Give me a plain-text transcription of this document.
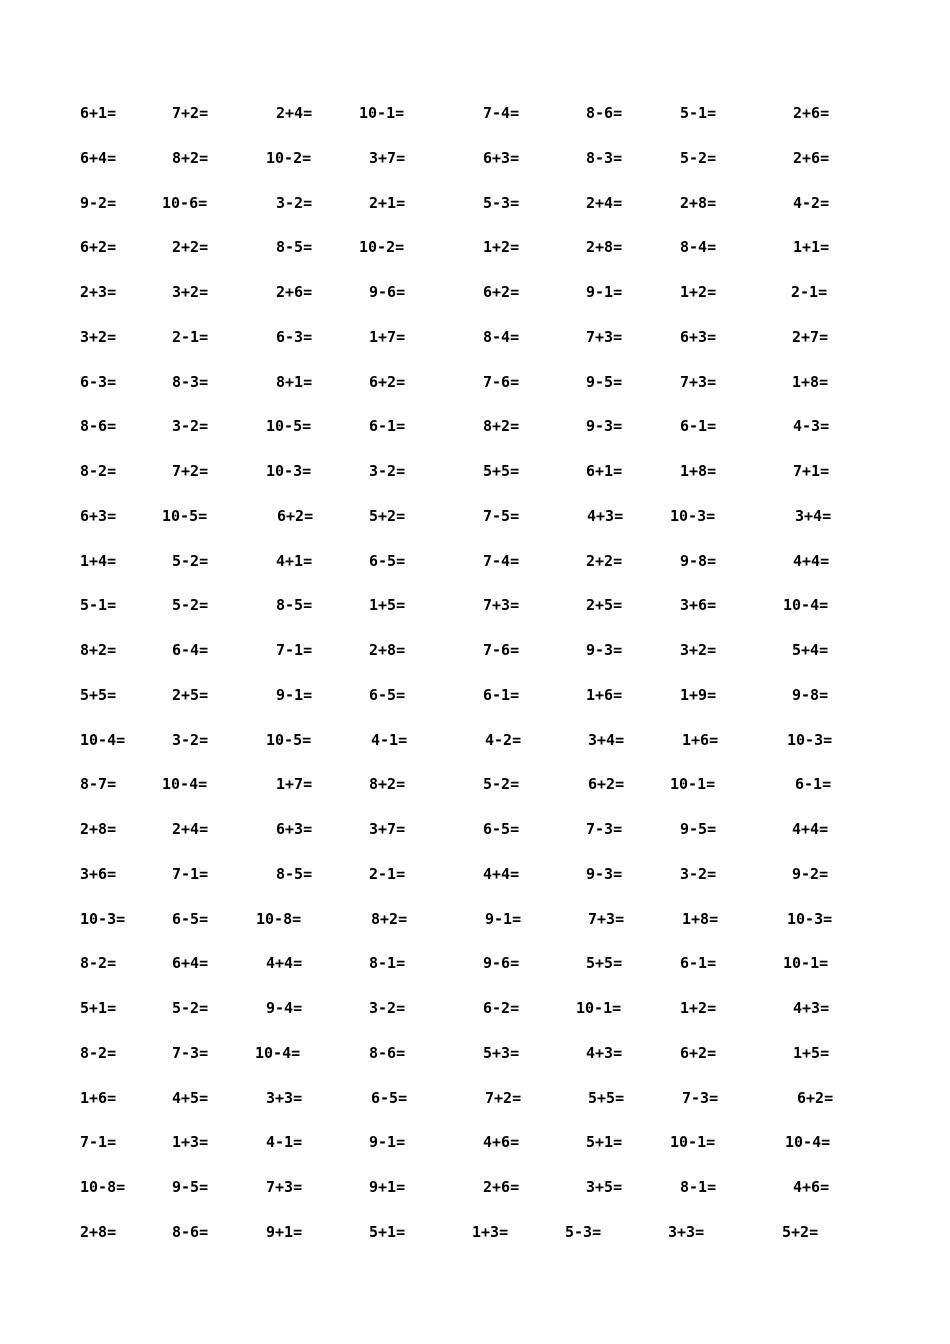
6+1=	7+2=	2+4=	10-1=	7-4=	8-6=	5-1=	2+6=
6+4=	8+2=	10-2=	3+7=	6+3=	8-3=	5-2=	2+6=
9-2=	10-6=	3-2=	2+1=	5-3=	2+4=	2+8=	4-2=
6+2=	2+2=	8-5=	10-2=	1+2=	2+8=	8-4=	1+1=
2+3=	3+2=	2+6=	9-6=	6+2=	9-1=	1+2=	2-1=
3+2=	2-1=	6-3=	1+7=	8-4=	7+3=	6+3=	2+7=
6-3=	8-3=	8+1=	6+2=	7-6=	9-5=	7+3=	1+8=
8-6=	3-2=	10-5=	6-1=	8+2=	9-3=	6-1=	4-3=
8-2=	7+2=	10-3=	3-2=	5+5=	6+1=	1+8=	7+1=
6+3=	10-5=	6+2=	5+2=	7-5=	4+3=	10-3=	3+4=
1+4=	5-2=	4+1=	6-5=	7-4=	2+2=	9-8=	4+4=
5-1=	5-2=	8-5=	1+5=	7+3=	2+5=	3+6=	10-4=
8+2=	6-4=	7-1=	2+8=	7-6=	9-3=	3+2=	5+4=
5+5=	2+5=	9-1=	6-5=	6-1=	1+6=	1+9=	9-8=
10-4=	3-2=	10-5=	4-1=	4-2=	3+4=	1+6=	10-3=
8-7=	10-4=	1+7=	8+2=	5-2=	6+2=	10-1=	6-1=
2+8=	2+4=	6+3=	3+7=	6-5=	7-3=	9-5=	4+4=
3+6=	7-1=	8-5=	2-1=	4+4=	9-3=	3-2=	9-2=
10-3=	6-5=	10-8=	8+2=	9-1=	7+3=	1+8=	10-3=
8-2=	6+4=	4+4=	8-1=	9-6=	5+5=	6-1=	10-1=
5+1=	5-2=	9-4=	3-2=	6-2=	10-1=	1+2=	4+3=
8-2=	7-3=	10-4=	8-6=	5+3=	4+3=	6+2=	1+5=
1+6=	4+5=	3+3=	6-5=	7+2=	5+5=	7-3=	6+2=
7-1=	1+3=	4-1=	9-1=	4+6=	5+1=	10-1=	10-4=
10-8=	9-5=	7+3=	9+1=	2+6=	3+5=	8-1=	4+6=
2+8=	8-6=	9+1=	5+1=	1+3=	5-3=	3+3=	5+2=
